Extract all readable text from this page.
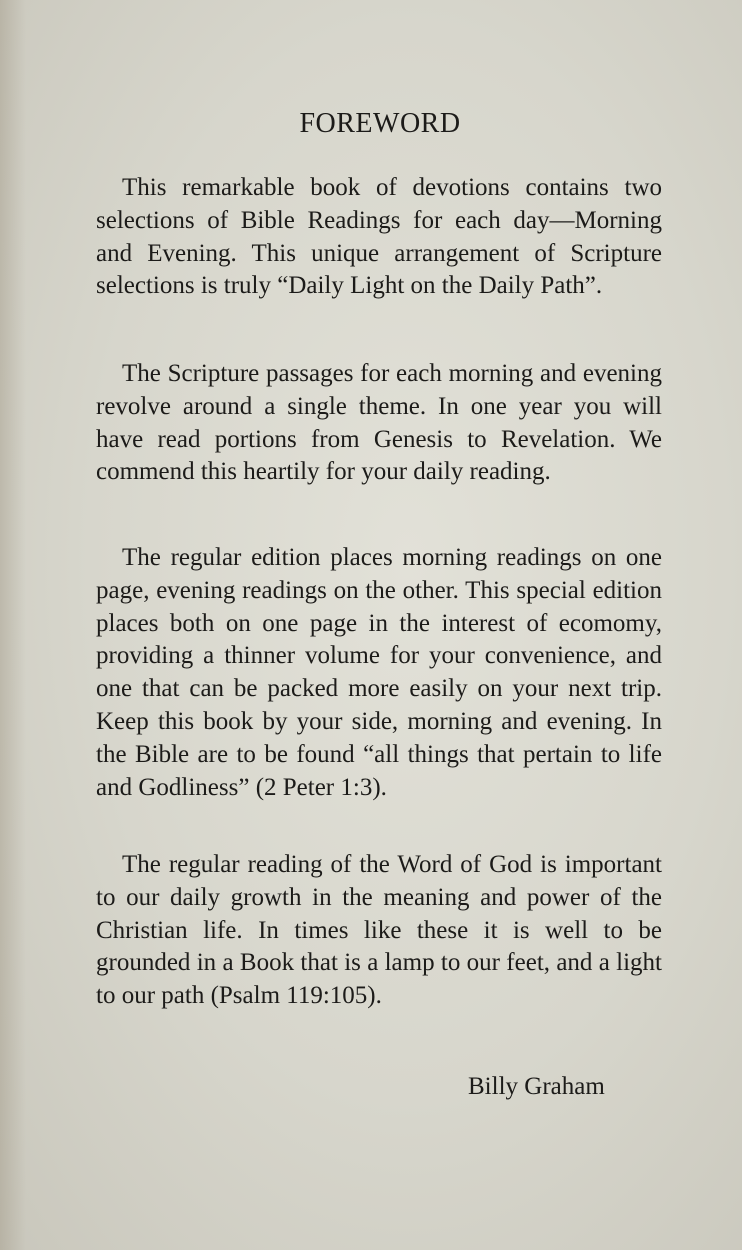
FOREWORD

This remarkable book of devotions contains two selections of Bible Readings for each day—Morning and Evening. This unique arrangement of Scripture selections is truly “Daily Light on the Daily Path”.

The Scripture passages for each morning and evening revolve around a single theme. In one year you will have read portions from Genesis to Revelation. We commend this heartily for your daily reading.

The regular edition places morning readings on one page, evening readings on the other. This special edition places both on one page in the interest of ecomomy, providing a thinner volume for your convenience, and one that can be packed more easily on your next trip. Keep this book by your side, morning and evening. In the Bible are to be found “all things that pertain to life and Godliness” (2 Peter 1:3).

The regular reading of the Word of God is important to our daily growth in the meaning and power of the Christian life. In times like these it is well to be grounded in a Book that is a lamp to our feet, and a light to our path (Psalm 119:105).

Billy Graham
